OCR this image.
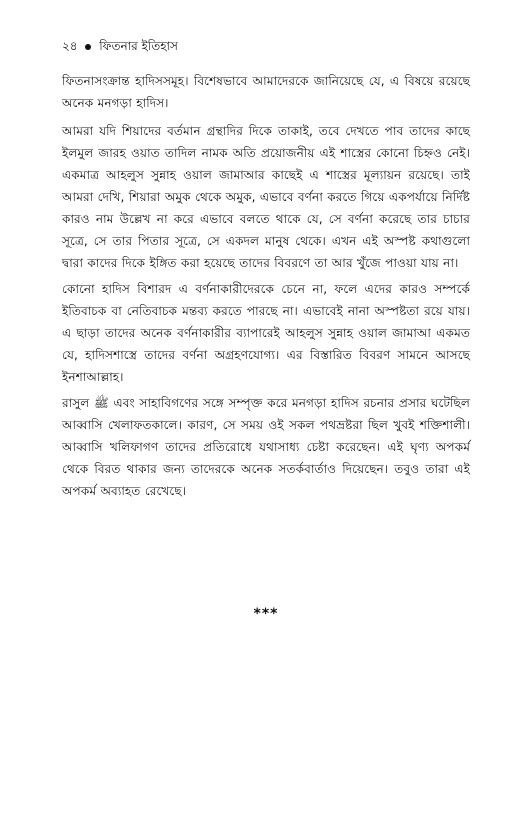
২৪ ফিতনার ইতিহাস

ফিতনাসংক্রান্ত হাদিসসমূহ। বিশেষভাবে আমাদেরকে জানিয়েছে যে, এ বিষয়ে রয়েছে অনেক মনগড়া হাদিস।

আমরা যদি শিয়াদের বর্তমান গ্রন্থাদির দিকে তাকাই, তবে দেখতে পাব তাদের কাছে ইলমুল জারহ ওয়াত তাদিল নামক অতি প্রয়োজনীয় এই শাস্ত্রের কোনো চিহ্নও নেই। একমাত্র আহলুস সুন্নাহ ওয়াল জামাআর কাছেই এ শাস্ত্রের মূল্যায়ন রয়েছে। তাই আমরা দেখি, শিয়ারা অমুক থেকে অমুক, এভাবে বর্ণনা করতে গিয়ে একপর্যায়ে নির্দিষ্ট কারও নাম উল্লেখ না করে এভাবে বলতে থাকে যে, সে বর্ণনা করেছে তার চাচার সূত্রে, সে তার পিতার সূত্রে, সে একদল মানুষ থেকে। এখন এই অস্পষ্ট কথাগুলো দ্বারা কাদের দিকে ইঙ্গিত করা হয়েছে তাদের বিবরণে তা আর খুঁজে পাওয়া যায় না।

কোনো হাদিস বিশারদ এ বর্ণনাকারীদেরকে চেনে না, ফলে এদের কারও সম্পর্কে ইতিবাচক বা নেতিবাচক মন্তব্য করতে পারছে না। এভাবেই নানা অস্পষ্টতা রয়ে যায়। এ ছাড়া তাদের অনেক বর্ণনাকারীর ব্যাপারেই আহলুস সুন্নাহ ওয়াল জামাআ একমত যে, হাদিসশাস্ত্রে তাদের বর্ণনা অগ্রহণযোগ্য। এর বিস্তারিত বিবরণ সামনে আসছে ইনশাআল্লাহ।

রাসুল ﷺ এবং সাহাবিগণের সঙ্গে সম্পৃক্ত করে মনগড়া হাদিস রচনার প্রসার ঘটেছিল আব্বাসি খেলাফতকালে। কারণ, সে সময় ওই সকল পথভ্রষ্টরা ছিল খুবই শক্তিশালী। আব্বাসি খলিফাগণ তাদের প্রতিরোধে যথাসাধ্য চেষ্টা করেছেন। এই ঘৃণ্য অপকর্ম থেকে বিরত থাকার জন্য তাদেরকে অনেক সতর্কবার্তাও দিয়েছেন। তবুও তারা এই অপকর্ম অব্যাহত রেখেছে।

***
